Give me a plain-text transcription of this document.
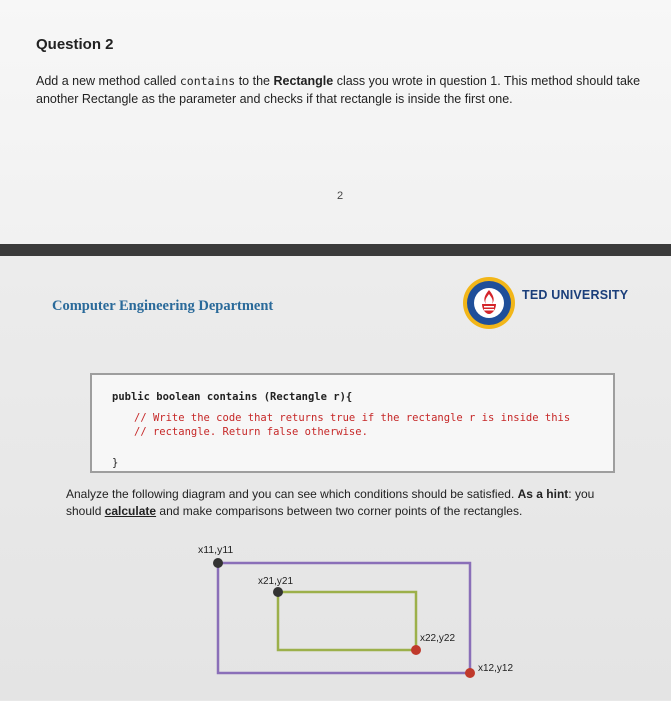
Question 2
Add a new method called contains to the Rectangle class you wrote in question 1. This method should take another Rectangle as the parameter and checks if that rectangle is inside the first one.
2
Computer Engineering Department
TED UNIVERSITY
public boolean contains (Rectangle r){
// Write the code that returns true if the rectangle r is inside this
// rectangle. Return false otherwise.
}
Analyze the following diagram and you can see which conditions should be satisfied. As a hint: you should calculate and make comparisons between two corner points of the rectangles.
x11,y11
x21,y21
x22,y22
x12,y12
